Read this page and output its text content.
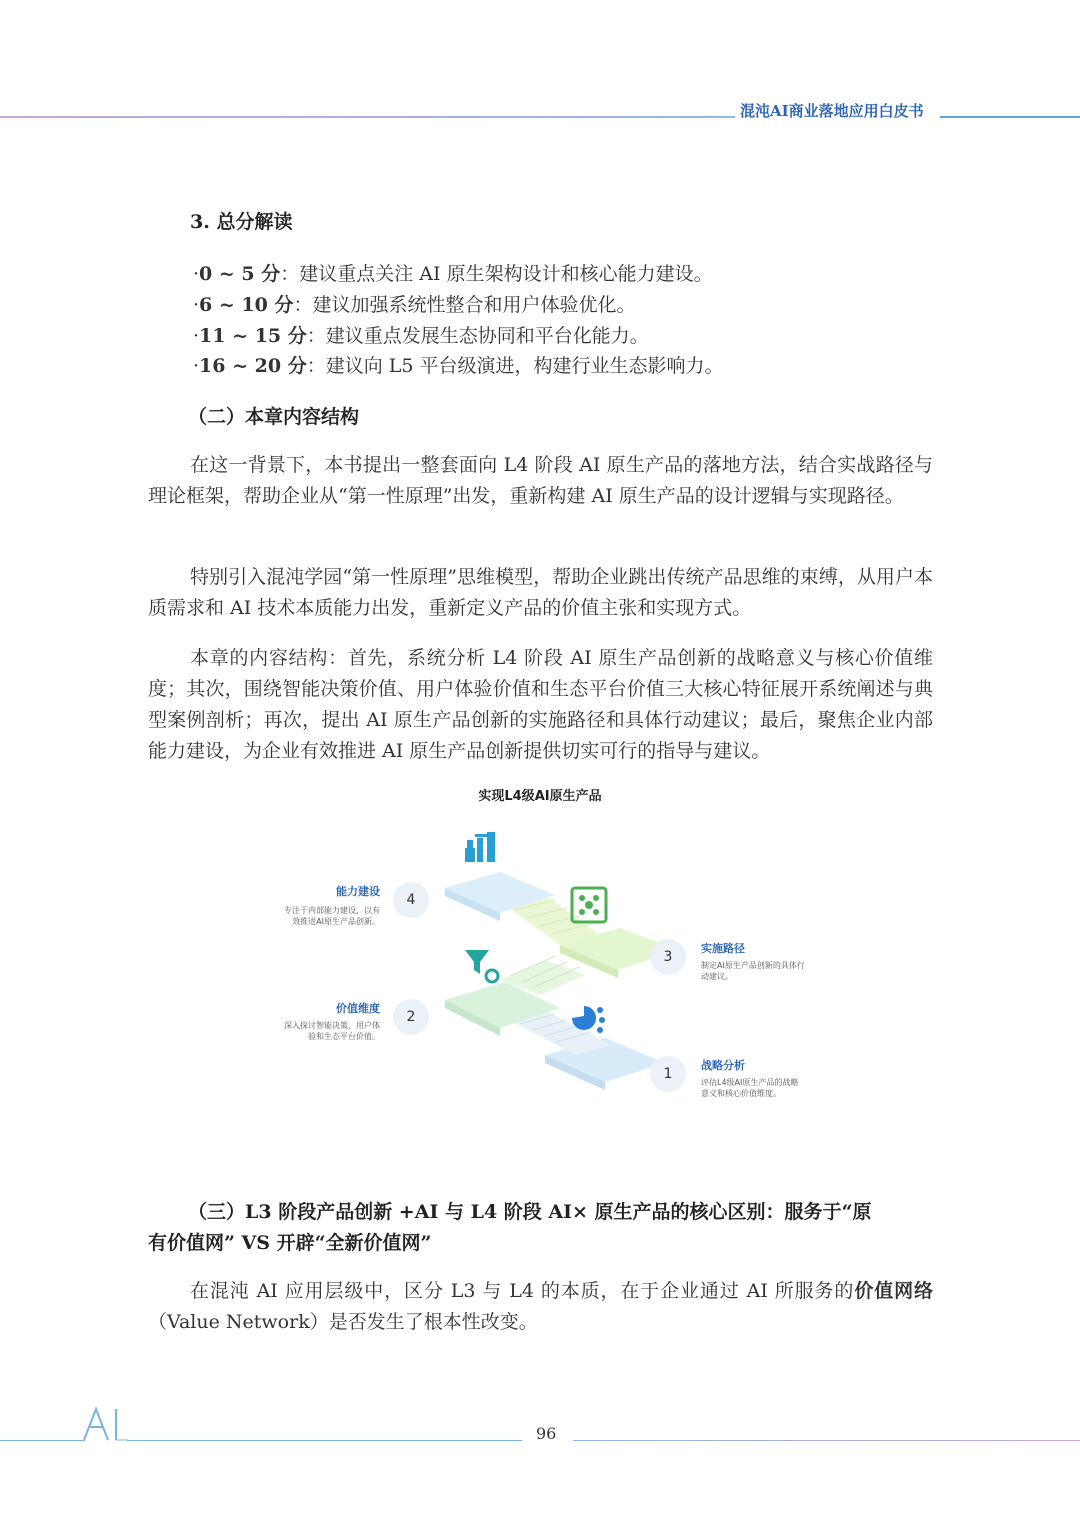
混沌AI商业落地应用白皮书
3. 总分解读
·0 ~ 5 分：建议重点关注 AI 原生架构设计和核心能力建设。
·6 ~ 10 分：建议加强系统性整合和用户体验优化。
·11 ~ 15 分：建议重点发展生态协同和平台化能力。
·16 ~ 20 分：建议向 L5 平台级演进，构建行业生态影响力。
（二）本章内容结构

在这一背景下，本书提出一整套面向 L4 阶段 AI 原生产品的落地方法，结合实战路径与理论框架，帮助企业从“第一性原理”出发，重新构建 AI 原生产品的设计逻辑与实现路径。

特别引入混沌学园“第一性原理”思维模型，帮助企业跳出传统产品思维的束缚，从用户本质需求和 AI 技术本质能力出发，重新定义产品的价值主张和实现方式。

本章的内容结构：首先，系统分析 L4 阶段 AI 原生产品创新的战略意义与核心价值维度；其次，围绕智能决策价值、用户体验价值和生态平台价值三大核心特征展开系统阐述与典型案例剖析；再次，提出 AI 原生产品创新的实施路径和具体行动建议；最后，聚焦企业内部能力建设，为企业有效推进 AI 原生产品创新提供切实可行的指导与建议。

实现L4级AI原生产品
能力建设
专注于内部能力建设，以有效推进AI原生产品创新。
4
3
实施路径
制定AI原生产品创新的具体行动建议。
价值维度
深入探讨智能决策、用户体验和生态平台价值。
2
1
战略分析
评估L4级AI原生产品的战略意义和核心价值维度。
（三）L3 阶段产品创新 +AI 与 L4 阶段 AI× 原生产品的核心区别：服务于“原
有价值网” VS 开辟“全新价值网”

在混沌 AI 应用层级中，区分 L3 与 L4 的本质，在于企业通过 AI 所服务的价值网络（Value Network）是否发生了根本性改变。

96
